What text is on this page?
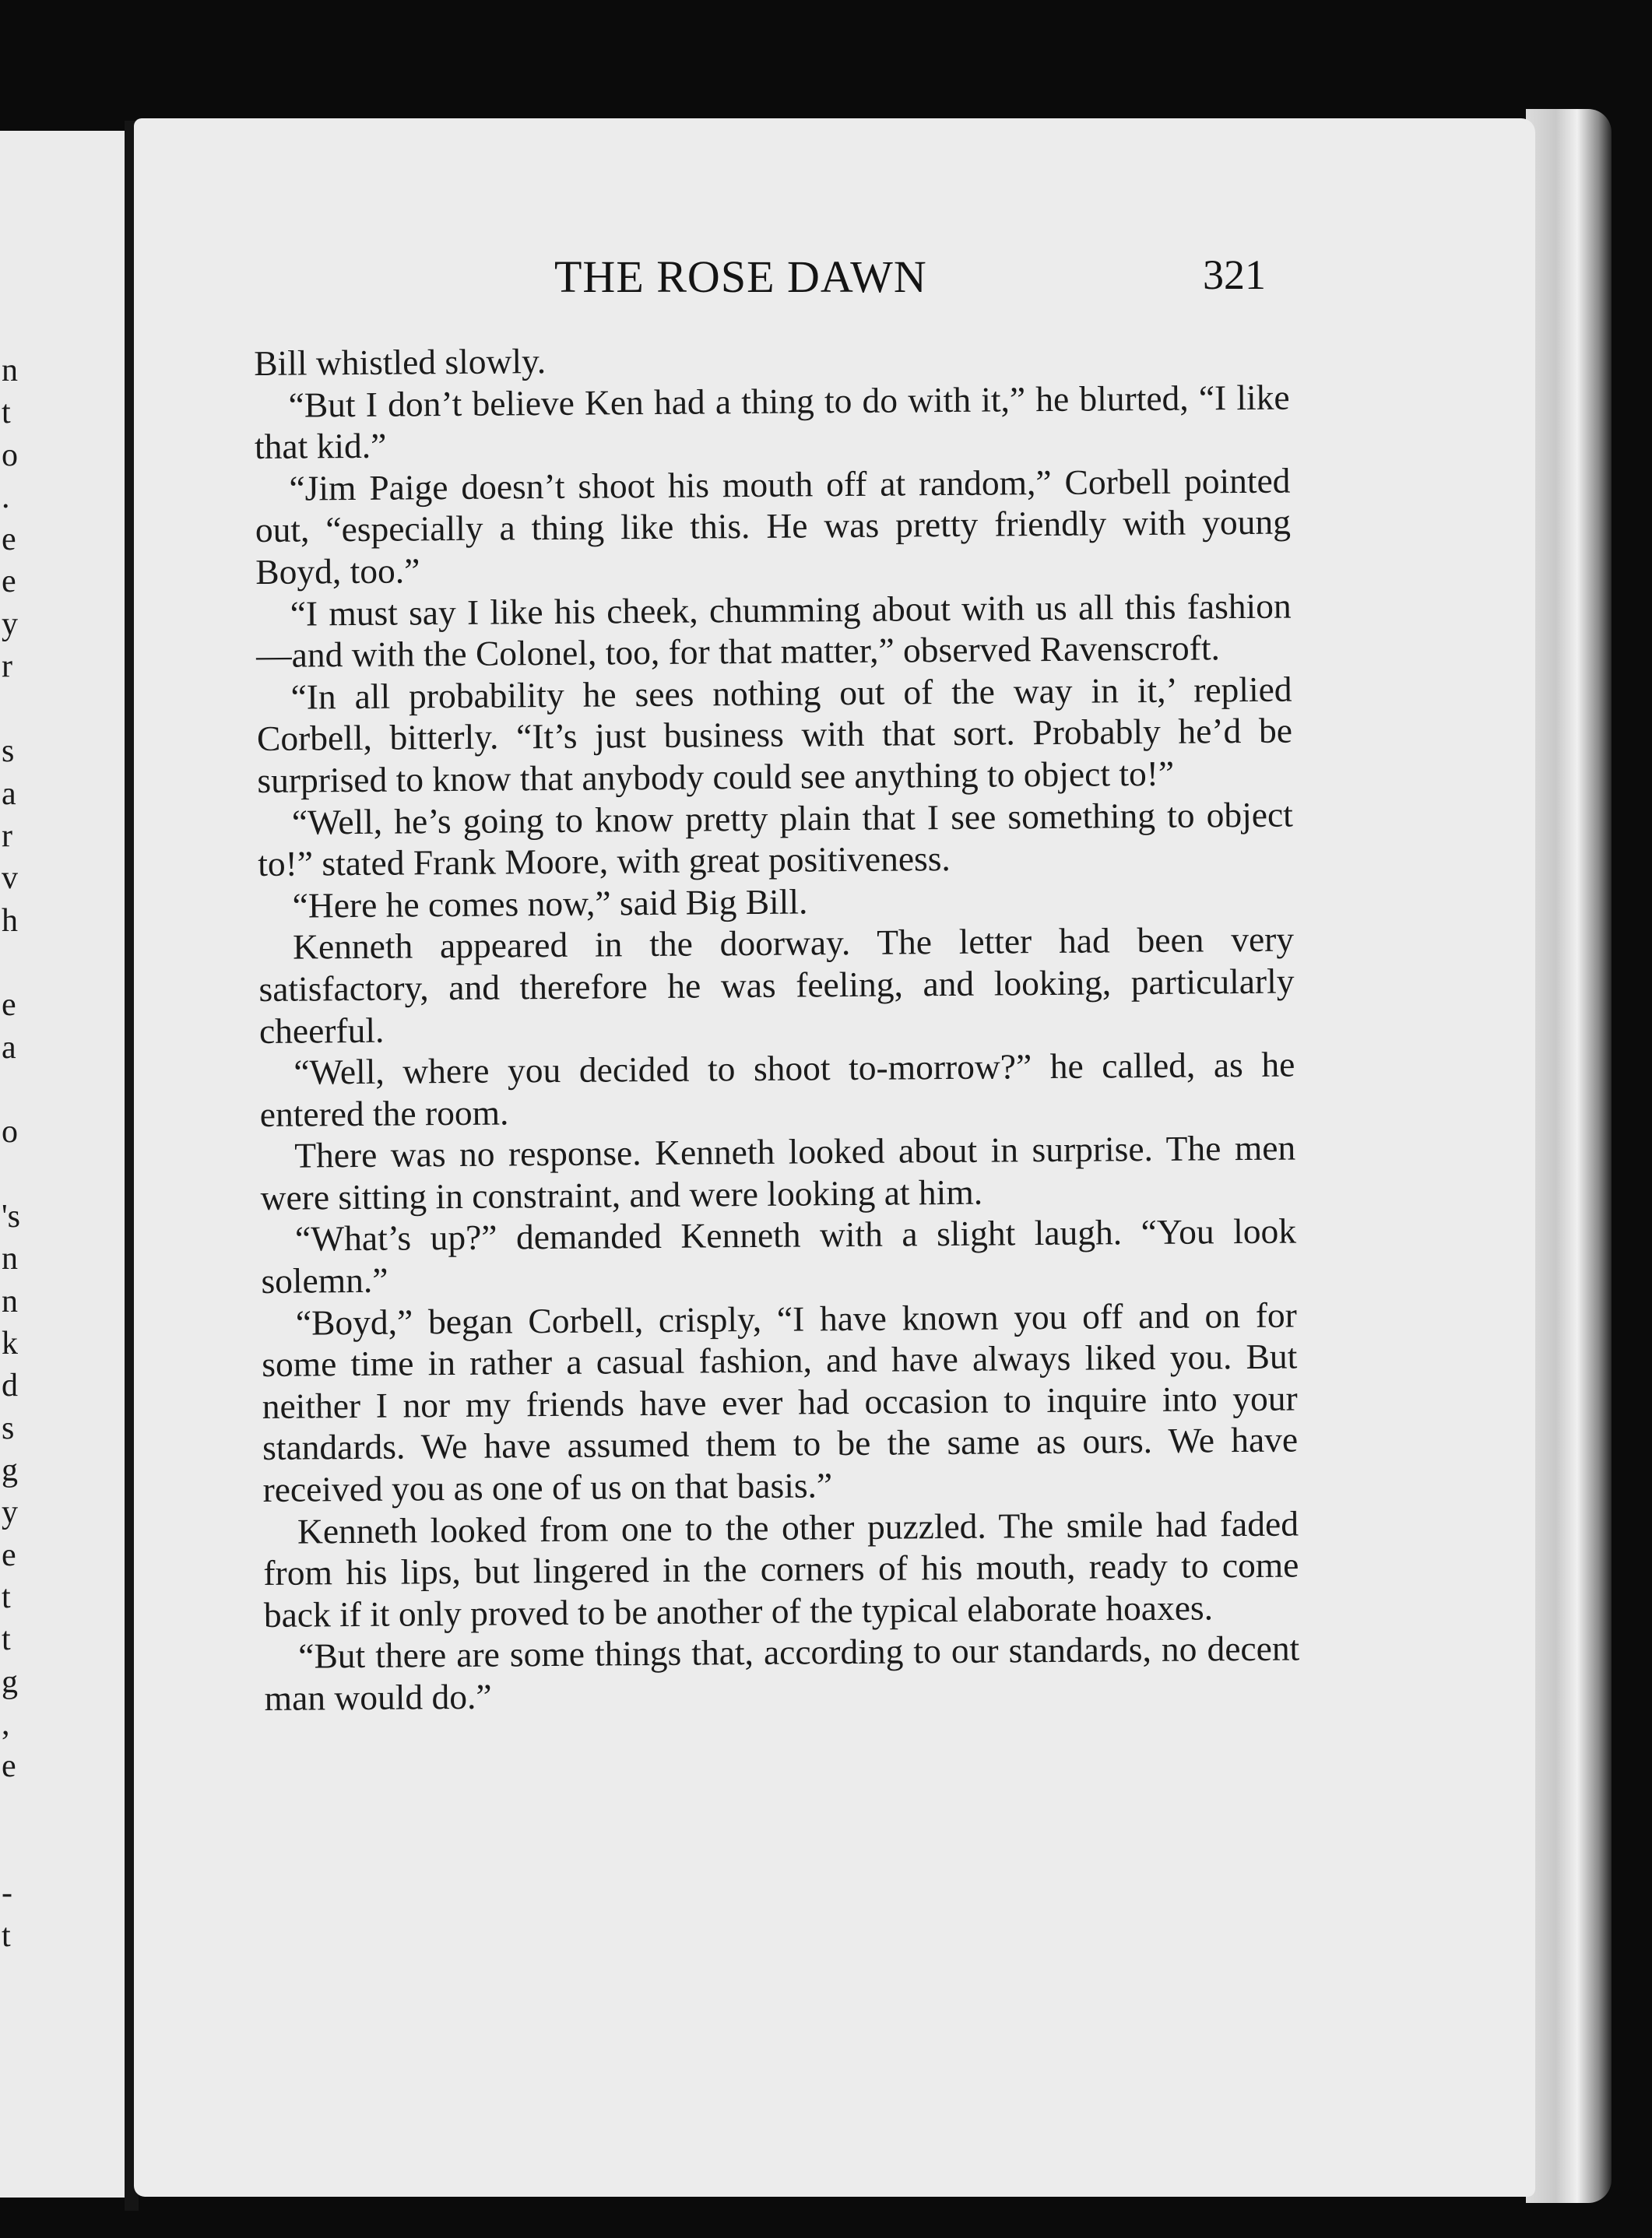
n
t
o
.
e
e
y
r
s
a
r
v
h
e
a
o
's
n
n
k
d
s
g
y
e
t
t
g
,
e
-
t
THE ROSE DAWN	321

Bill whistled slowly.

“But I don’t believe Ken had a thing to do with it,” he blurted, “I like that kid.”

“Jim Paige doesn’t shoot his mouth off at random,” Corbell pointed out, “especially a thing like this. He was pretty friendly with young Boyd, too.”

“I must say I like his cheek, chumming about with us all this fashion—and with the Colonel, too, for that matter,” observed Ravenscroft.

“In all probability he sees nothing out of the way in it,’ replied Corbell, bitterly. “It’s just business with that sort. Probably he’d be surprised to know that anybody could see anything to object to!”

“Well, he’s going to know pretty plain that I see something to object to!” stated Frank Moore, with great positiveness.

“Here he comes now,” said Big Bill.

Kenneth appeared in the doorway. The letter had been very satisfactory, and therefore he was feeling, and looking, particularly cheerful.

“Well, where you decided to shoot to-morrow?” he called, as he entered the room.

There was no response. Kenneth looked about in surprise. The men were sitting in constraint, and were looking at him.

“What’s up?” demanded Kenneth with a slight laugh. “You look solemn.”

“Boyd,” began Corbell, crisply, “I have known you off and on for some time in rather a casual fashion, and have always liked you. But neither I nor my friends have ever had occasion to inquire into your standards. We have assumed them to be the same as ours. We have received you as one of us on that basis.”

Kenneth looked from one to the other puzzled. The smile had faded from his lips, but lingered in the corners of his mouth, ready to come back if it only proved to be another of the typical elaborate hoaxes.

“But there are some things that, according to our standards, no decent man would do.”
